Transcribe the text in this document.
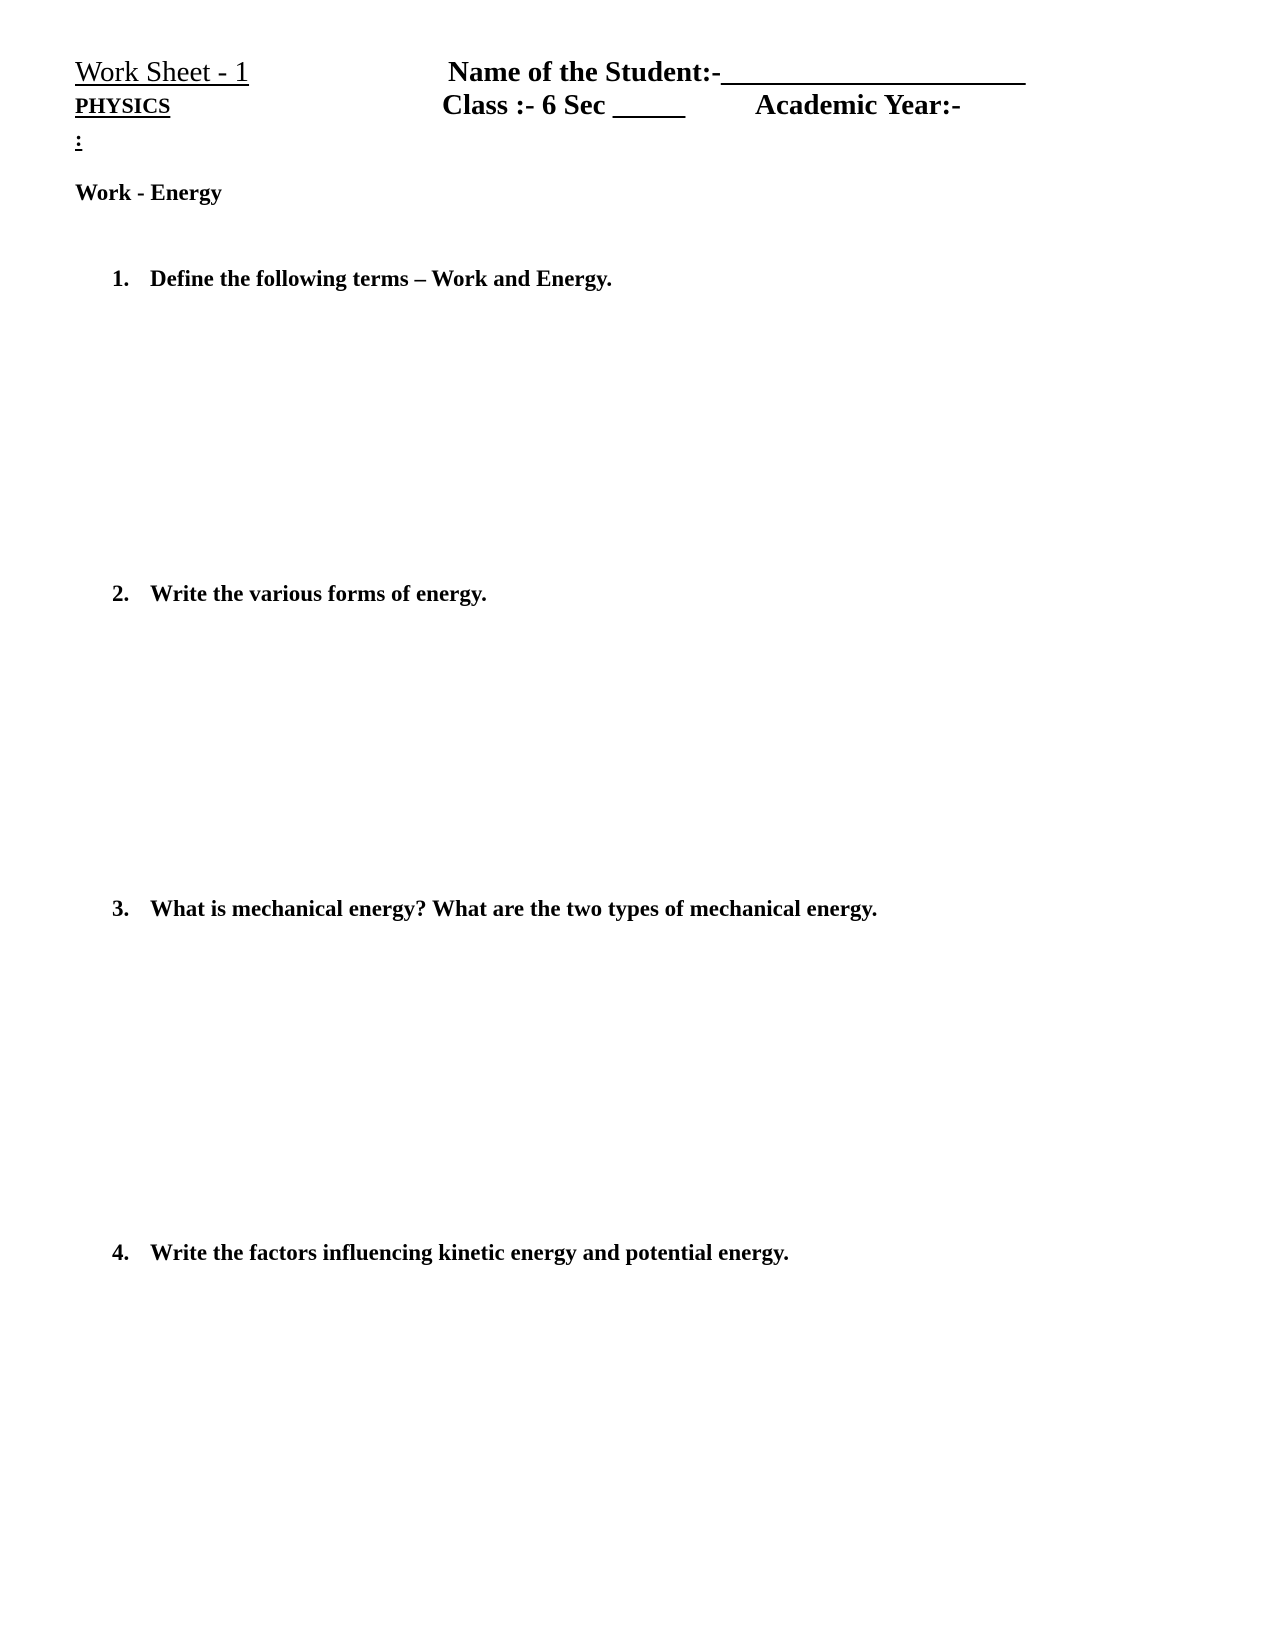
Work Sheet - 1
PHYSICS
:
Name of the Student:-_____________________
Class :- 6 Sec _____ Academic Year:-
Work - Energy
1. Define the following terms – Work and Energy.
2. Write the various forms of energy.
3. What is mechanical energy? What are the two types of mechanical energy.
4. Write the factors influencing kinetic energy and potential energy.
